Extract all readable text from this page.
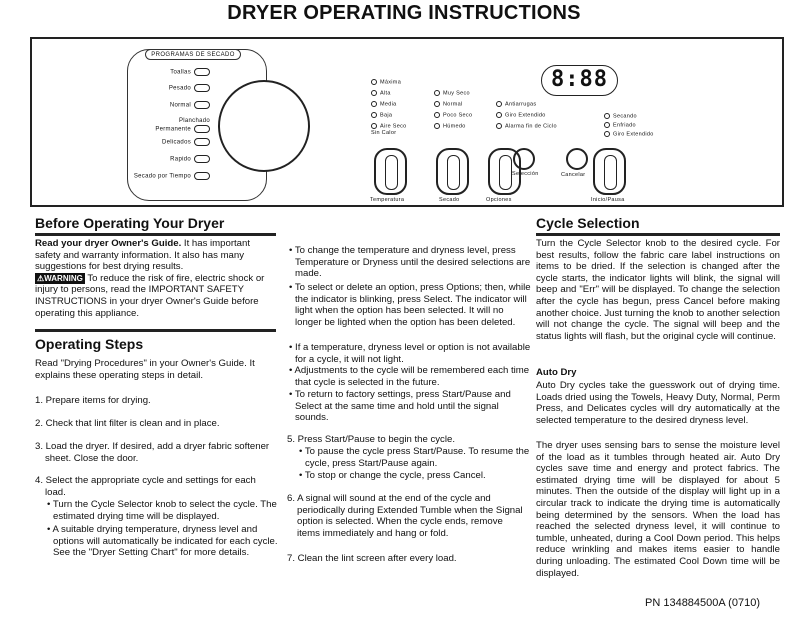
DRYER OPERATING INSTRUCTIONS
PROGRAMAS DE SECADO
Toallas
Pesado
Normal
Planchado Permanente
Delicados
Rapido
Secado por Tiempo
Máxima
Alta
Media
Baja
Aire Seco Sin Calor
Muy Seco
Normal
Poco Seco
Húmedo
Antiarrugas
Giro Extendido
Alarma fin de Ciclo
8:88
Secando
Enfriado
Giro Extendido
Temperatura	Secado	Opciones
Selección	Cancelar
Inicio/Pausa
Before Operating Your Dryer

Read your dryer Owner's Guide. It has important safety and warranty information. It also has many suggestions for best drying results.

⚠WARNING To reduce the risk of fire, electric shock or injury to persons, read the IMPORTANT SAFETY INSTRUCTIONS in your dryer Owner's Guide before operating this appliance.

Operating Steps
Read "Drying Procedures" in your Owner's Guide. It explains these operating steps in detail.
1. Prepare items for drying.
2. Check that lint filter is clean and in place.
3. Load the dryer. If desired, add a dryer fabric softener sheet. Close the door.
4. Select the appropriate cycle and settings for each load.
• Turn the Cycle Selector knob to select the cycle. The estimated drying time will be displayed.
• A suitable drying temperature, dryness level and options will automatically be indicated for each cycle. See the "Dryer Setting Chart" for more details.
• To change the temperature and dryness level, press Temperature or Dryness until the desired selections are made.
• To select or delete an option, press Options; then, while the indicator is blinking, press Select. The indicator will light when the option has been selected. It will no longer be lighted when the option has been deleted.
• If a temperature, dryness level or option is not available for a cycle, it will not light.
• Adjustments to the cycle will be remembered each time that cycle is selected in the future.
• To return to factory settings, press Start/Pause and Select at the same time and hold until the signal sounds.
5. Press Start/Pause to begin the cycle.
• To pause the cycle press Start/Pause. To resume the cycle, press Start/Pause again.
• To stop or change the cycle, press Cancel.
6. A signal will sound at the end of the cycle and periodically during Extended Tumble when the Signal option is selected. When the cycle ends, remove items immediately and hang or fold.
7. Clean the lint screen after every load.
Cycle Selection
Turn the Cycle Selector knob to the desired cycle. For best results, follow the fabric care label instructions on items to be dried. If the selection is changed after the cycle starts, the indicator lights will blink, the signal will beep and "Err" will be displayed. To change the selection after the cycle has begun, press Cancel before making another choice. Just turning the knob to another selection will not change the cycle. The signal will beep and the status lights will flash, but the original cycle will continue.
Auto Dry
Auto Dry cycles take the guesswork out of drying time. Loads dried using the Towels, Heavy Duty, Normal, Perm Press, and Delicates cycles will dry automatically at the selected temperature to the desired dryness level.
The dryer uses sensing bars to sense the moisture level of the load as it tumbles through heated air. Auto Dry cycles save time and energy and protect fabrics. The estimated drying time will be displayed for about 5 minutes. Then the outside of the display will light up in a circular track to indicate the drying time is automatically being determined by the sensors. When the load has reached the selected dryness level, it will continue to tumble, unheated, during a Cool Down period. This helps reduce wrinkling and makes items easier to handle during unloading. The estimated Cool Down time will be displayed.
PN 134884500A (0710)
